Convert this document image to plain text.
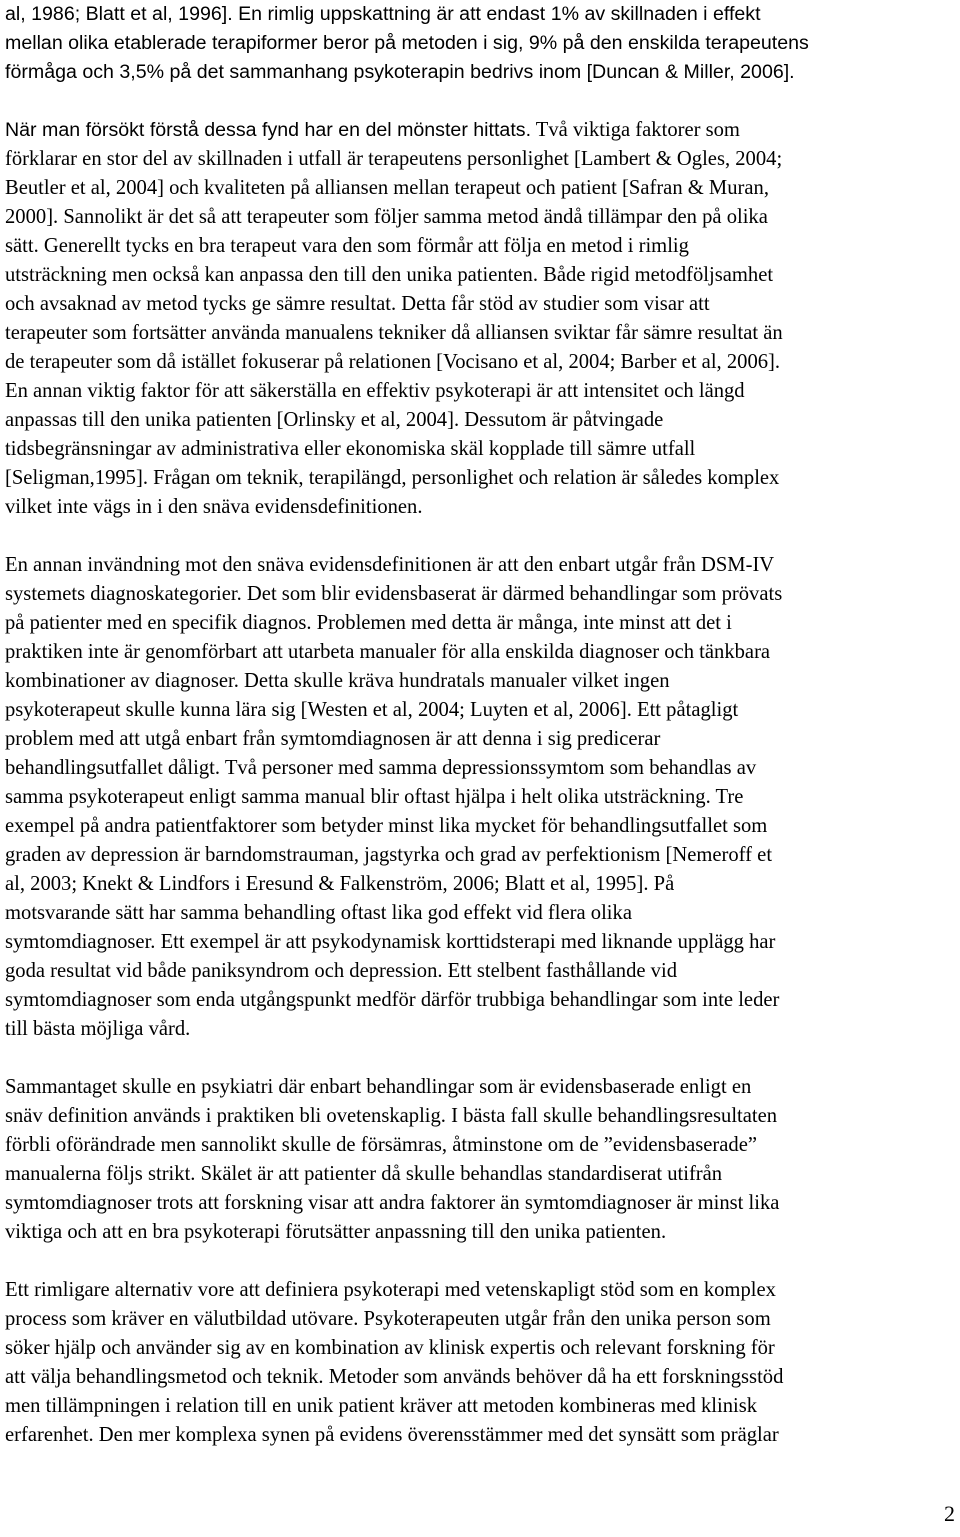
al, 1986; Blatt et al, 1996]. En rimlig uppskattning är att endast 1% av skillnaden i effekt
mellan olika etablerade terapiformer beror på metoden i sig, 9% på den enskilda terapeutens
förmåga och 3,5% på det sammanhang psykoterapin bedrivs inom [Duncan & Miller, 2006].
När man försökt förstå dessa fynd har en del mönster hittats. Två viktiga faktorer som
förklarar en stor del av skillnaden i utfall är terapeutens personlighet [Lambert & Ogles, 2004;
Beutler et al, 2004] och kvaliteten på alliansen mellan terapeut och patient [Safran & Muran,
2000]. Sannolikt är det så att terapeuter som följer samma metod ändå tillämpar den på olika
sätt. Generellt tycks en bra terapeut vara den som förmår att följa en metod i rimlig
utsträckning men också kan anpassa den till den unika patienten. Både rigid metodföljsamhet
och avsaknad av metod tycks ge sämre resultat. Detta får stöd av studier som visar att
terapeuter som fortsätter använda manualens tekniker då alliansen sviktar får sämre resultat än
de terapeuter som då istället fokuserar på relationen [Vocisano et al, 2004; Barber et al, 2006].
En annan viktig faktor för att säkerställa en effektiv psykoterapi är att intensitet och längd
anpassas till den unika patienten [Orlinsky et al, 2004]. Dessutom är påtvingade
tidsbegränsningar av administrativa eller ekonomiska skäl kopplade till sämre utfall
[Seligman,1995]. Frågan om teknik, terapilängd, personlighet och relation är således komplex
vilket inte vägs in i den snäva evidensdefinitionen.
En annan invändning mot den snäva evidensdefinitionen är att den enbart utgår från DSM-IV
systemets diagnoskategorier. Det som blir evidensbaserat är därmed behandlingar som prövats
på patienter med en specifik diagnos. Problemen med detta är många, inte minst att det i
praktiken inte är genomförbart att utarbeta manualer för alla enskilda diagnoser och tänkbara
kombinationer av diagnoser. Detta skulle kräva hundratals manualer vilket ingen
psykoterapeut skulle kunna lära sig [Westen et al, 2004; Luyten et al, 2006]. Ett påtagligt
problem med att utgå enbart från symtomdiagnosen är att denna i sig predicerar
behandlingsutfallet dåligt. Två personer med samma depressionssymtom som behandlas av
samma psykoterapeut enligt samma manual blir oftast hjälpa i helt olika utsträckning. Tre
exempel på andra patientfaktorer som betyder minst lika mycket för behandlingsutfallet som
graden av depression är barndomstrauman, jagstyrka och grad av perfektionism [Nemeroff et
al, 2003; Knekt & Lindfors i Eresund & Falkenström, 2006; Blatt et al, 1995]. På
motsvarande sätt har samma behandling oftast lika god effekt vid flera olika
symtomdiagnoser. Ett exempel är att psykodynamisk korttidsterapi med liknande upplägg har
goda resultat vid både paniksyndrom och depression. Ett stelbent fasthållande vid
symtomdiagnoser som enda utgångspunkt medför därför trubbiga behandlingar som inte leder
till bästa möjliga vård.
Sammantaget skulle en psykiatri där enbart behandlingar som är evidensbaserade enligt en
snäv definition används i praktiken bli ovetenskaplig. I bästa fall skulle behandlingsresultaten
förbli oförändrade men sannolikt skulle de försämras, åtminstone om de ”evidensbaserade”
manualerna följs strikt. Skälet är att patienter då skulle behandlas standardiserat utifrån
symtomdiagnoser trots att forskning visar att andra faktorer än symtomdiagnoser är minst lika
viktiga och att en bra psykoterapi förutsätter anpassning till den unika patienten.
Ett rimligare alternativ vore att definiera psykoterapi med vetenskapligt stöd som en komplex
process som kräver en välutbildad utövare. Psykoterapeuten utgår från den unika person som
söker hjälp och använder sig av en kombination av klinisk expertis och relevant forskning för
att välja behandlingsmetod och teknik. Metoder som används behöver då ha ett forskningsstöd
men tillämpningen i relation till en unik patient kräver att metoden kombineras med klinisk
erfarenhet. Den mer komplexa synen på evidens överensstämmer med det synsätt som präglar
2
